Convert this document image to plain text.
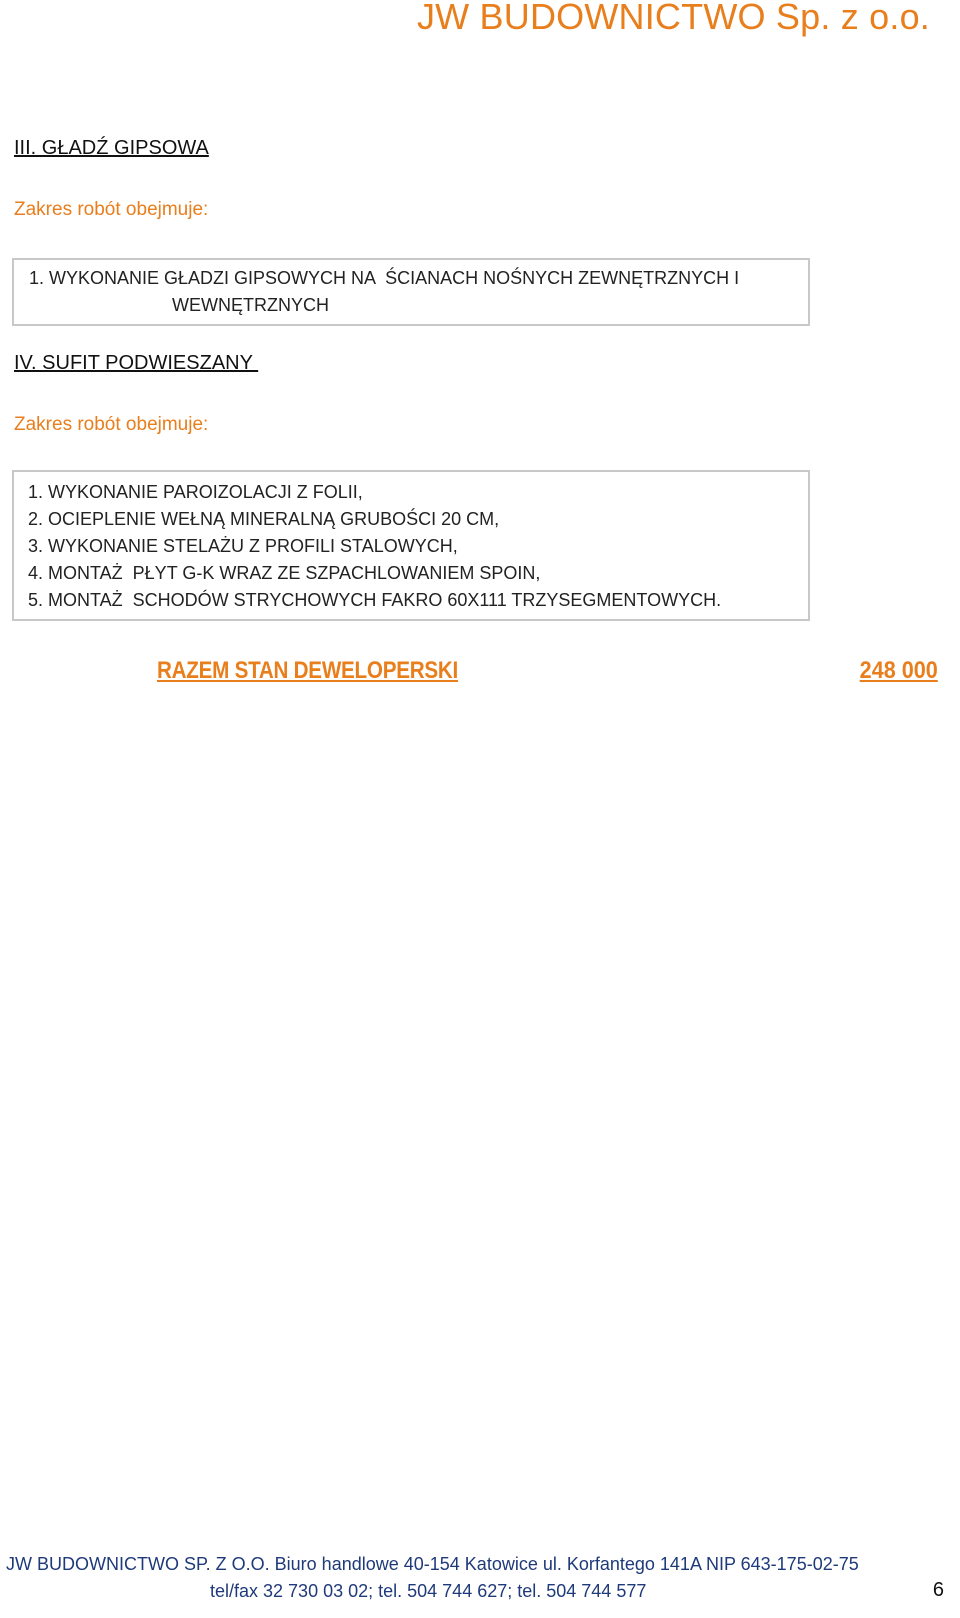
JW BUDOWNICTWO Sp. z o.o.
III. GŁADŹ GIPSOWA
Zakres robót obejmuje:
1. WYKONANIE GŁADZI GIPSOWYCH NA  ŚCIANACH NOŚNYCH ZEWNĘTRZNYCH I
WEWNĘTRZNYCH
IV. SUFIT PODWIESZANY
Zakres robót obejmuje:
1. WYKONANIE PAROIZOLACJI Z FOLII,
2. OCIEPLENIE WEŁNĄ MINERALNĄ GRUBOŚCI 20 CM,
3. WYKONANIE STELAŻU Z PROFILI STALOWYCH,
4. MONTAŻ  PŁYT G-K WRAZ ZE SZPACHLOWANIEM SPOIN,
5. MONTAŻ  SCHODÓW STRYCHOWYCH FAKRO 60X111 TRZYSEGMENTOWYCH.
RAZEM STAN DEWELOPERSKI	248 000
JW BUDOWNICTWO SP. Z O.O. Biuro handlowe 40-154 Katowice ul. Korfantego 141A NIP 643-175-02-75
tel/fax 32 730 03 02; tel. 504 744 627; tel. 504 744 577	6
